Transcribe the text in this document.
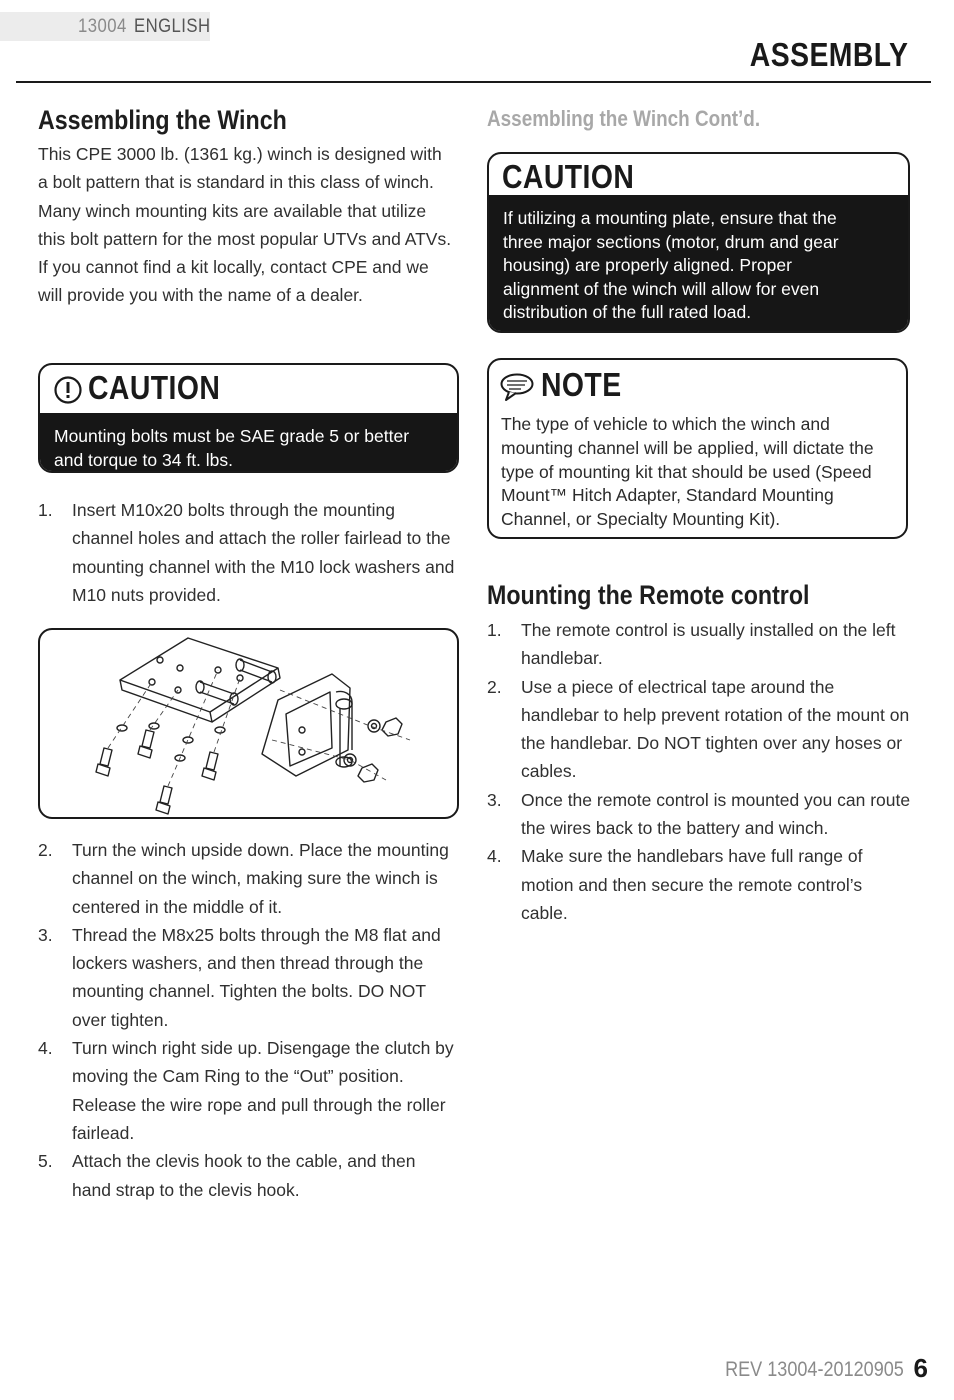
13004 ENGLISH
ASSEMBLY
Assembling the Winch
This CPE 3000 lb. (1361 kg.) winch is designed with a bolt pattern that is standard in this class of winch. Many winch mounting kits are available that utilize this bolt pattern for the most popular UTVs and ATVs. If you cannot find a kit locally, contact CPE and we will provide you with the name of a dealer.
CAUTION
Mounting bolts must be SAE grade 5 or better and torque to 34 ft. lbs.
1. Insert M10x20 bolts through the mounting channel holes and attach the roller fairlead to the mounting channel with the M10 lock washers and M10 nuts provided.
2. Turn the winch upside down. Place the mounting channel on the winch, making sure the winch is centered in the middle of it.
3. Thread the M8x25 bolts through the M8 flat and lockers washers, and then thread through the mounting channel. Tighten the bolts. DO NOT over tighten.
4. Turn winch right side up. Disengage the clutch by moving the Cam Ring to the “Out” position. Release the wire rope and pull through the roller fairlead.
5. Attach the clevis hook to the cable, and then hand strap to the clevis hook.
Assembling the Winch Cont’d.
CAUTION
If utilizing a mounting plate, ensure that the three major sections (motor, drum and gear housing) are properly aligned. Proper alignment of the winch will allow for even distribution of the full rated load.
NOTE
The type of vehicle to which the winch and mounting channel will be applied, will dictate the type of mounting kit that should be used (Speed Mount™ Hitch Adapter, Standard Mounting Channel, or Specialty Mounting Kit).
Mounting the Remote control
1. The remote control is usually installed on the left handlebar.
2. Use a piece of electrical tape around the handlebar to help prevent rotation of the mount on the handlebar. Do NOT tighten over any hoses or cables.
3. Once the remote control is mounted you can route the wires back to the battery and winch.
4. Make sure the handlebars have full range of motion and then secure the remote control’s cable.
REV 13004-20120905 6
